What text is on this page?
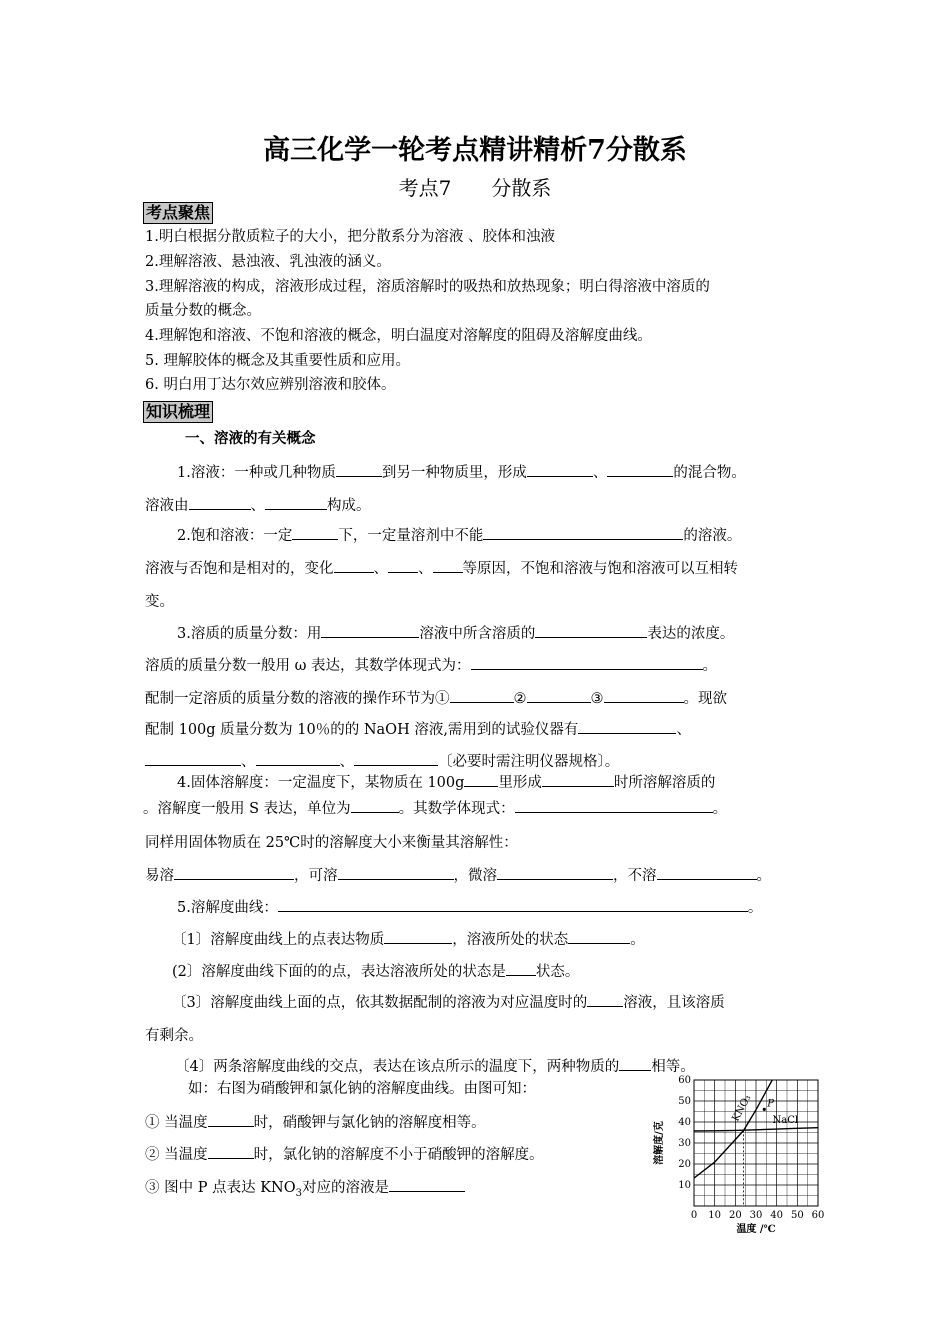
高三化学一轮考点精讲精析7分散系
考点7　　分散系
考点聚焦
1.明白根据分散质粒子的大小，把分散系分为溶液 、胶体和浊液
2.理解溶液、悬浊液、乳浊液的涵义。
3.理解溶液的构成，溶液形成过程，溶质溶解时的吸热和放热现象；明白得溶液中溶质的
质量分数的概念。
4.理解饱和溶液、不饱和溶液的概念，明白温度对溶解度的阻碍及溶解度曲线。
5. 理解胶体的概念及其重要性质和应用。
6. 明白用丁达尔效应辨别溶液和胶体。
知识梳理
一、溶液的有关概念
1.溶液：一种或几种物质	到另一种物质里，形成	、	的混合物。
溶液由	、	构成。
2.饱和溶液：一定	下，一定量溶剂中不能	的溶液。
溶液与否饱和是相对的，变化	、 、 等原因，不饱和溶液与饱和溶液可以互相转
变。
3.溶质的质量分数：用	溶液中所含溶质的	表达的浓度。
溶质的质量分数一般用 ω 表达，其数学体现式为：	。
配制一定溶质的质量分数的溶液的操作环节为①	②	③	。现欲
配制 100g 质量分数为 10％的的 NaOH 溶液,需用到的试验仪器有	、
、	、	〔必要时需注明仪器规格〕。
4.固体溶解度：一定温度下，某物质在 100g 里形成	时所溶解溶质的
。溶解度一般用 S 表达，单位为	。其数学体现式：	。
同样用固体物质在 25℃时的溶解度大小来衡量其溶解性：
易溶	，可溶	，微溶	，不溶	。
5.溶解度曲线：	。
〔1〕溶解度曲线上的点表达物质	，溶液所处的状态	。
(2〕溶解度曲线下面的的点，表达溶液所处的状态是 状态。
〔3〕溶解度曲线上面的点，依其数据配制的溶液为对应温度时的 溶液，且该溶质
有剩余。
〔4〕两条溶解度曲线的交点，表达在该点所示的温度下，两种物质的 相等。
如：右图为硝酸钾和氯化钠的溶解度曲线。由图可知：
① 当温度	时，硝酸钾与氯化钠的溶解度相等。
② 当温度	时，氯化钠的溶解度不小于硝酸钾的溶解度。
③ 图中 P 点表达 $KNO_3$对应的溶液是
0 10 20 30 40 50 60
10
20
30
40
50
60
P
KNO₃ NaCl
温度 /℃
溶解度/克
